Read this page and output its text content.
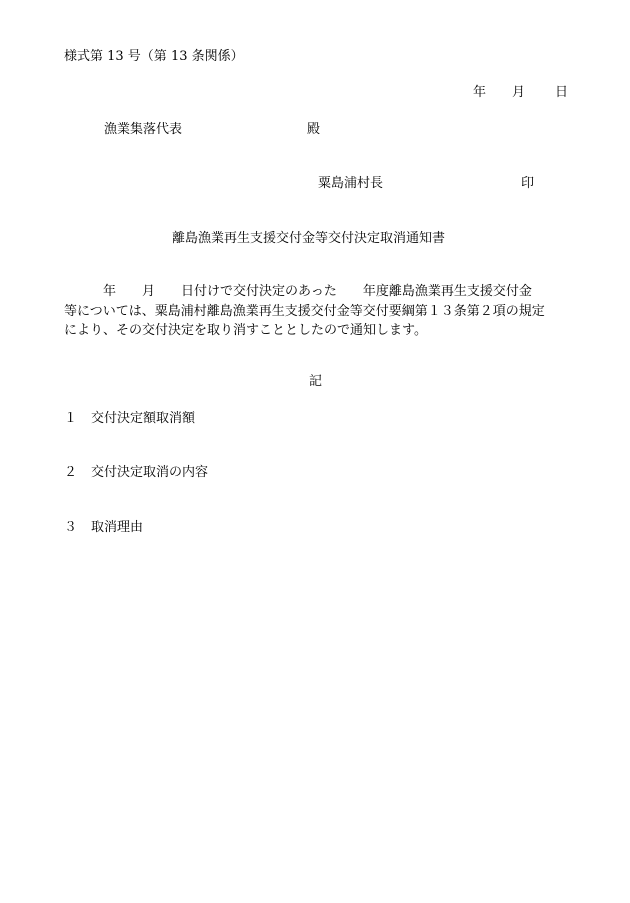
様式第 13 号（第 13 条関係）
年 月 日
漁業集落代表	殿
粟島浦村長	印
離島漁業再生支援交付金等交付決定取消通知書
　　　年　　月　　日付けで交付決定のあった　　年度離島漁業再生支援交付金
等については、粟島浦村離島漁業再生支援交付金等交付要綱第１３条第２項の規定
により、その交付決定を取り消すこととしたので通知します。
記
１ 交付決定額取消額
２ 交付決定取消の内容
３ 取消理由
